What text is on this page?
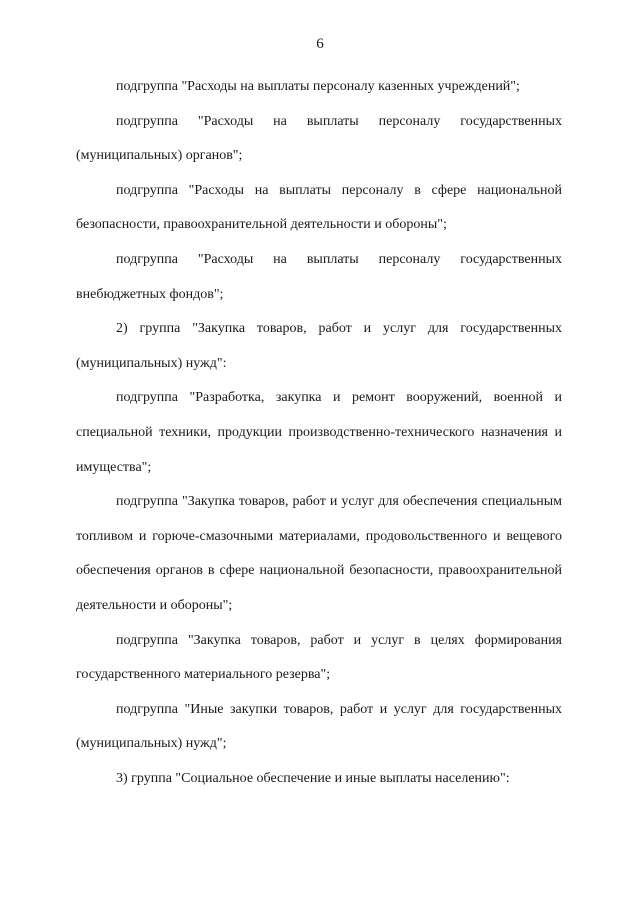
6

подгруппа "Расходы на выплаты персоналу казенных учреждений";

подгруппа "Расходы на выплаты персоналу государственных (муниципальных) органов";

подгруппа "Расходы на выплаты персоналу в сфере национальной безопасности, правоохранительной деятельности и обороны";

подгруппа "Расходы на выплаты персоналу государственных внебюджетных фондов";

2) группа "Закупка товаров, работ и услуг для государственных (муниципальных) нужд":

подгруппа "Разработка, закупка и ремонт вооружений, военной и специальной техники, продукции производственно-технического назначения и имущества";

подгруппа "Закупка товаров, работ и услуг для обеспечения специальным топливом и горюче-смазочными материалами, продовольственного и вещевого обеспечения органов в сфере национальной безопасности, правоохранительной деятельности и обороны";

подгруппа "Закупка товаров, работ и услуг в целях формирования государственного материального резерва";

подгруппа "Иные закупки товаров, работ и услуг для государственных (муниципальных) нужд";

3) группа "Социальное обеспечение и иные выплаты населению":
